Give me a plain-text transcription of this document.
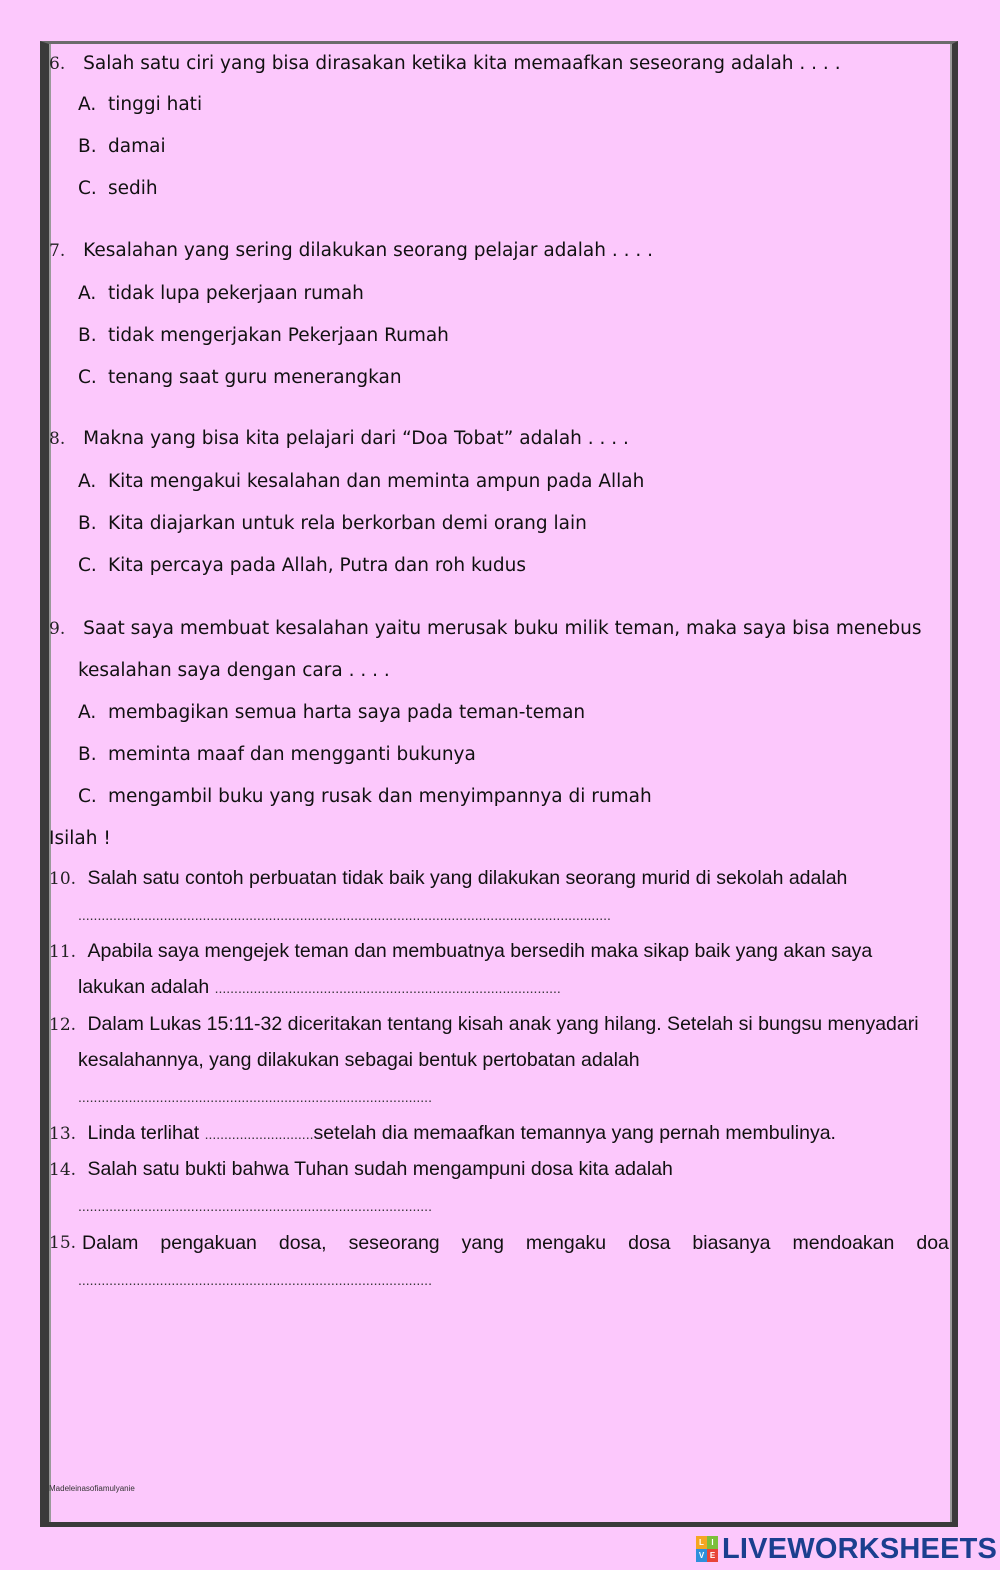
6. Salah satu ciri yang bisa dirasakan ketika kita memaafkan seseorang adalah . . . .
A. tinggi hati
B. damai
C. sedih
7. Kesalahan yang sering dilakukan seorang pelajar adalah . . . .
A. tidak lupa pekerjaan rumah
B. tidak mengerjakan Pekerjaan Rumah
C. tenang saat guru menerangkan
8. Makna yang bisa kita pelajari dari “Doa Tobat” adalah . . . .
A. Kita mengakui kesalahan dan meminta ampun pada Allah
B. Kita diajarkan untuk rela berkorban demi orang lain
C. Kita percaya pada Allah, Putra dan roh kudus
9. Saat saya membuat kesalahan yaitu merusak buku milik teman, maka saya bisa menebus
kesalahan saya dengan cara . . . .
A. membagikan semua harta saya pada teman-teman
B. meminta maaf dan mengganti bukunya
C. mengambil buku yang rusak dan menyimpannya di rumah
Isilah !
10. Salah satu contoh perbuatan tidak baik yang dilakukan seorang murid di sekolah adalah
.........................................................................................................................................
11. Apabila saya mengejek teman dan membuatnya bersedih maka sikap baik yang akan saya
lakukan adalah .........................................................................................
12. Dalam Lukas 15:11-32 diceritakan tentang kisah anak yang hilang. Setelah si bungsu menyadari
kesalahannya, yang dilakukan sebagai bentuk pertobatan adalah
...........................................................................................
13. Linda terlihat ............................setelah dia memaafkan temannya yang pernah membulinya.
14. Salah satu bukti bahwa Tuhan sudah mengampuni dosa kita adalah
...........................................................................................
15. Dalam pengakuan dosa, seseorang yang mengaku dosa biasanya mendoakan doa
...........................................................................................
Madeleinasofiamulyanie
L I
V E LIVEWORKSHEETS
